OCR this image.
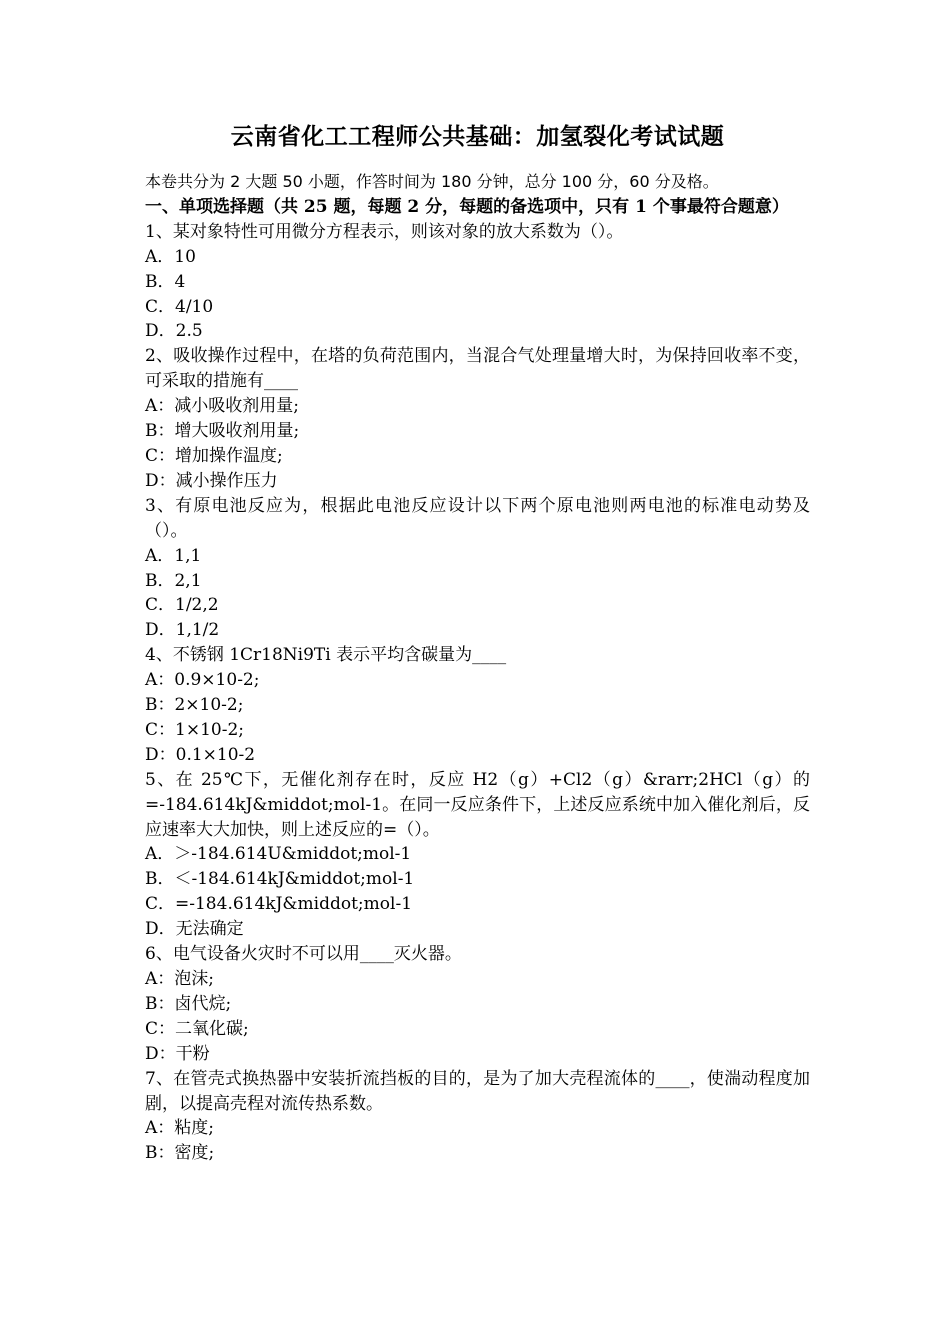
云南省化工工程师公共基础：加氢裂化考试试题
本卷共分为 2 大题 50 小题，作答时间为 180 分钟，总分 100 分，60 分及格。
一、单项选择题（共 25 题，每题 2 分，每题的备选项中，只有 1 个事最符合题意）
1、某对象特性可用微分方程表示，则该对象的放大系数为（）。
A．10
B．4
C．4/10
D．2.5
2、吸收操作过程中，在塔的负荷范围内，当混合气处理量增大时，为保持回收率不变，可采取的措施有____
A：减小吸收剂用量;
B：增大吸收剂用量;
C：增加操作温度;
D：减小操作压力
3、有原电池反应为，根据此电池反应设计以下两个原电池则两电池的标准电动势及（）。
A．1,1
B．2,1
C．1/2,2
D．1,1/2
4、不锈钢 1Cr18Ni9Ti 表示平均含碳量为____
A：0.9×10-2;
B：2×10-2;
C：1×10-2;
D：0.1×10-2
5、在 25℃下，无催化剂存在时，反应 H2（g）+Cl2（g）&rarr;2HCl（g）的=-184.614kJ&middot;mol-1。在同一反应条件下，上述反应系统中加入催化剂后，反应速率大大加快，则上述反应的=（）。
A．＞-184.614U&middot;mol-1
B．＜-184.614kJ&middot;mol-1
C．=-184.614kJ&middot;mol-1
D．无法确定
6、电气设备火灾时不可以用____灭火器。
A：泡沫;
B：卤代烷;
C：二氧化碳;
D：干粉
7、在管壳式换热器中安装折流挡板的目的，是为了加大壳程流体的____，使湍动程度加剧，以提高壳程对流传热系数。
A：粘度;
B：密度;
